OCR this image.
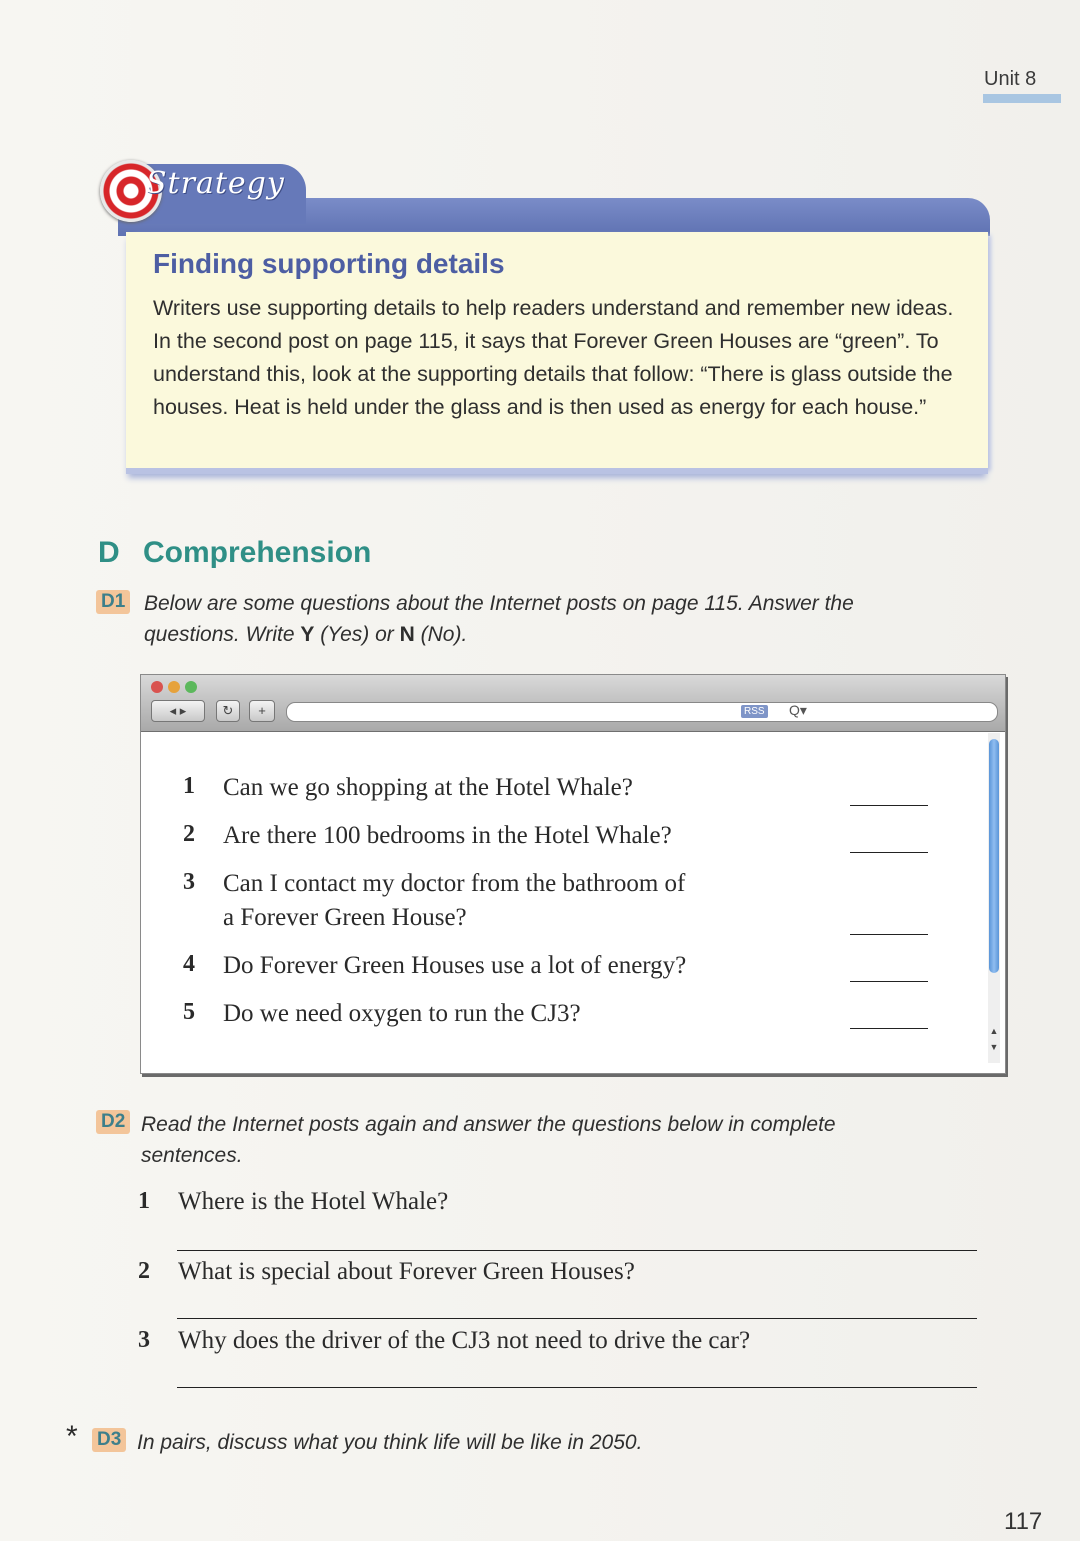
Unit 8
Strategy
Finding supporting details
Writers use supporting details to help readers understand and remember new ideas. In the second post on page 115, it says that Forever Green Houses are “green”. To understand this, look at the supporting details that follow: “There is glass outside the houses. Heat is held under the glass and is then used as energy for each house.”
D Comprehension
D1 Below are some questions about the Internet posts on page 115. Answer the questions. Write Y (Yes) or N (No).
◂ ▸	↻	+	RSS Q▾
▲
▼
1 Can we go shopping at the Hotel Whale?
2 Are there 100 bedrooms in the Hotel Whale?
3 Can I contact my doctor from the bathroom of
a Forever Green House?
4 Do Forever Green Houses use a lot of energy?
5 Do we need oxygen to run the CJ3?
D2 Read the Internet posts again and answer the questions below in complete
sentences.
1 Where is the Hotel Whale?
2 What is special about Forever Green Houses?
3 Why does the driver of the CJ3 not need to drive the car?
* D3 In pairs, discuss what you think life will be like in 2050.
117
